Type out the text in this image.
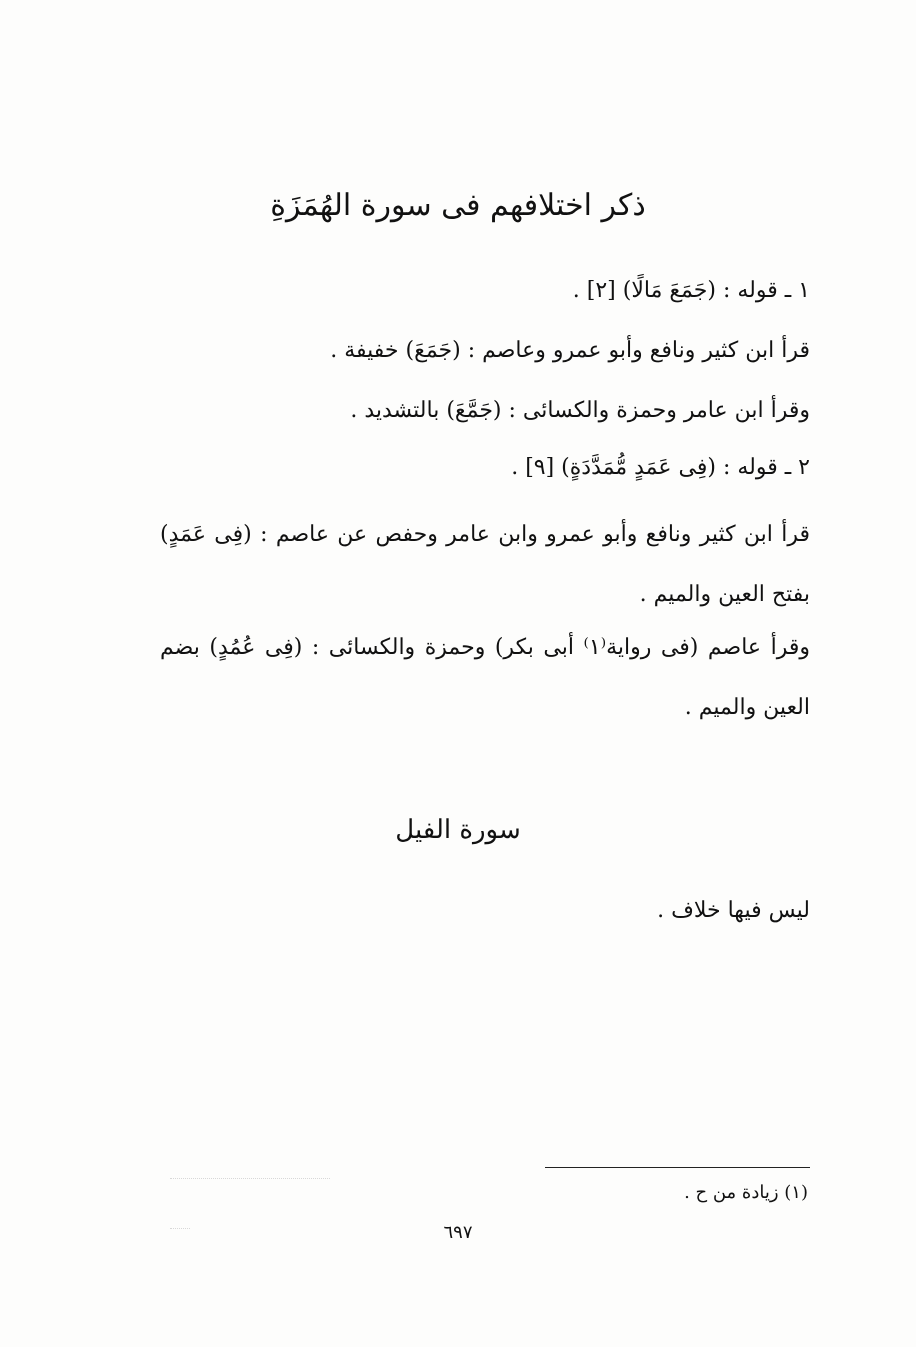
ذكر اختلافهم فى سورة الهُمَزَةِ
١ ـ قوله : (جَمَعَ مَالًا) [٢] .
قرأ ابن كثير ونافع وأبو عمرو وعاصم : (جَمَعَ) خفيفة .
وقرأ ابن عامر وحمزة والكسائى : (جَمَّعَ) بالتشديد .
٢ ـ قوله : (فِى عَمَدٍ مُّمَدَّدَةٍ) [٩] .
قرأ ابن كثير ونافع وأبو عمرو وابن عامر وحفص عن عاصم : (فِى عَمَدٍ) بفتح العين والميم .
وقرأ عاصم (فى رواية⁽١⁾ أبى بكر) وحمزة والكسائى : (فِى عُمُدٍ) بضم العين والميم .
سورة الفيل
ليس فيها خلاف .
(١) زيادة من ح .
٦٩٧
